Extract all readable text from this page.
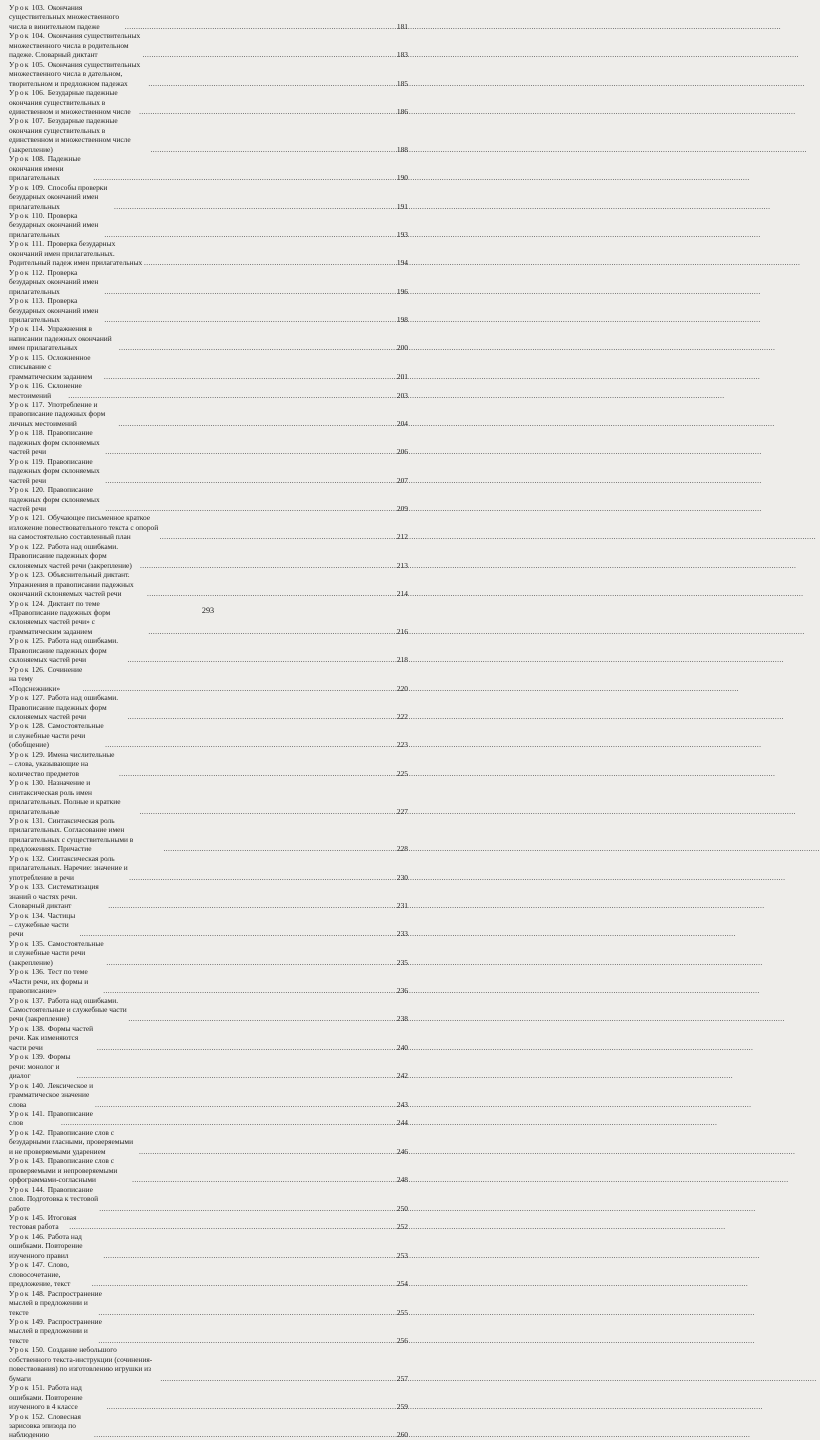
Урок 103. Окончания существительных множественного числа в винительном падеже .....	181
Урок 104. Окончания существительных множественного числа в родительном падеже. Словарный диктант .....	183
Урок 105. Окончания существительных множественного числа в дательном, творительном и предложном падежах .....	185
Урок 106. Безударные падежные окончания существительных в единственном и множественном числе .....	186
Урок 107. Безударные падежные окончания существительных в единственном и множественном числе (закрепление) .....	188
Урок 108. Падежные окончания имени прилагательных .....	190
Урок 109. Способы проверки безударных окончаний имен прилагательных .....	191
Урок 110. Проверка безударных окончаний имен прилагательных .....	193
Урок 111. Проверка безударных окончаний имен прилагательных. Родительный падеж имен прилагательных .....	194
Урок 112. Проверка безударных окончаний имен прилагательных .....	196
Урок 113. Проверка безударных окончаний имен прилагательных .....	198
Урок 114. Упражнения в написании падежных окончаний имен прилагательных .....	200
Урок 115. Осложненное списывание с грамматическим заданием .....	201
Урок 116. Склонение местоимений .....	203
Урок 117. Употребление и правописание падежных форм личных местоимений .....	204
Урок 118. Правописание падежных форм склоняемых частей речи .....	206
Урок 119. Правописание падежных форм склоняемых частей речи .....	207
Урок 120. Правописание падежных форм склоняемых частей речи .....	209
Урок 121. Обучающее письменное краткое изложение повествовательного текста с опорой на самостоятельно составленный план .....	212
Урок 122. Работа над ошибками. Правописание падежных форм склоняемых частей речи (закрепление) .....	213
Урок 123. Объяснительный диктант. Упражнения в правописании падежных окончаний склоняемых частей речи .....	214
Урок 124. Диктант по теме «Правописание падежных форм склоняемых частей речи» с грамматическим заданием .....	216
Урок 125. Работа над ошибками. Правописание падежных форм склоняемых частей речи .....	218
Урок 126. Сочинение на тему «Подснежники» .....	220
Урок 127. Работа над ошибками. Правописание падежных форм склоняемых частей речи .....	222
Урок 128. Самостоятельные и служебные части речи (обобщение) .....	223
Урок 129. Имена числительные – слова, указывающие на количество предметов .....	225
Урок 130. Назначение и синтаксическая роль имен прилагательных. Полные и краткие прилагательные .....	227
Урок 131. Синтаксическая роль прилагательных. Согласование имен прилагательных с существительными в предложениях. Причастие .....	228
Урок 132. Синтаксическая роль прилагательных. Наречие: значение и употребление в речи .....	230
Урок 133. Систематизация знаний о частях речи. Словарный диктант .....	231
Урок 134. Частицы – служебные части речи .....	233
Урок 135. Самостоятельные и служебные части речи (закрепление) .....	235
Урок 136. Тест по теме «Части речи, их формы и правописание» .....	236
Урок 137. Работа над ошибками. Самостоятельные и служебные части речи (закрепление) .....	238
Урок 138. Формы частей речи. Как изменяются части речи .....	240
Урок 139. Формы речи: монолог и диалог .....	242
Урок 140. Лексическое и грамматическое значение слова .....	243
Урок 141. Правописание слов .....	244
Урок 142. Правописание слов с безударными гласными, проверяемыми и не проверяемыми ударением .....	246
Урок 143. Правописание слов с проверяемыми и непроверяемыми орфограммами-согласными .....	248
Урок 144. Правописание слов. Подготовка к тестовой работе .....	250
Урок 145. Итоговая тестовая работа .....	252
Урок 146. Работа над ошибками. Повторение изученного правил .....	253
Урок 147. Слово, словосочетание, предложение, текст .....	254
Урок 148. Распространение мыслей в предложении и тексте .....	255
Урок 149. Распространение мыслей в предложении и тексте .....	256
Урок 150. Создание небольшого собственного текста-инструкции (сочинения-повествования) по изготовлению игрушки из бумаги .....	257
Урок 151. Работа над ошибками. Повторение изученного в 4 классе .....	259
Урок 152. Словесная зарисовка эпизода по наблюдению .....	260
293
